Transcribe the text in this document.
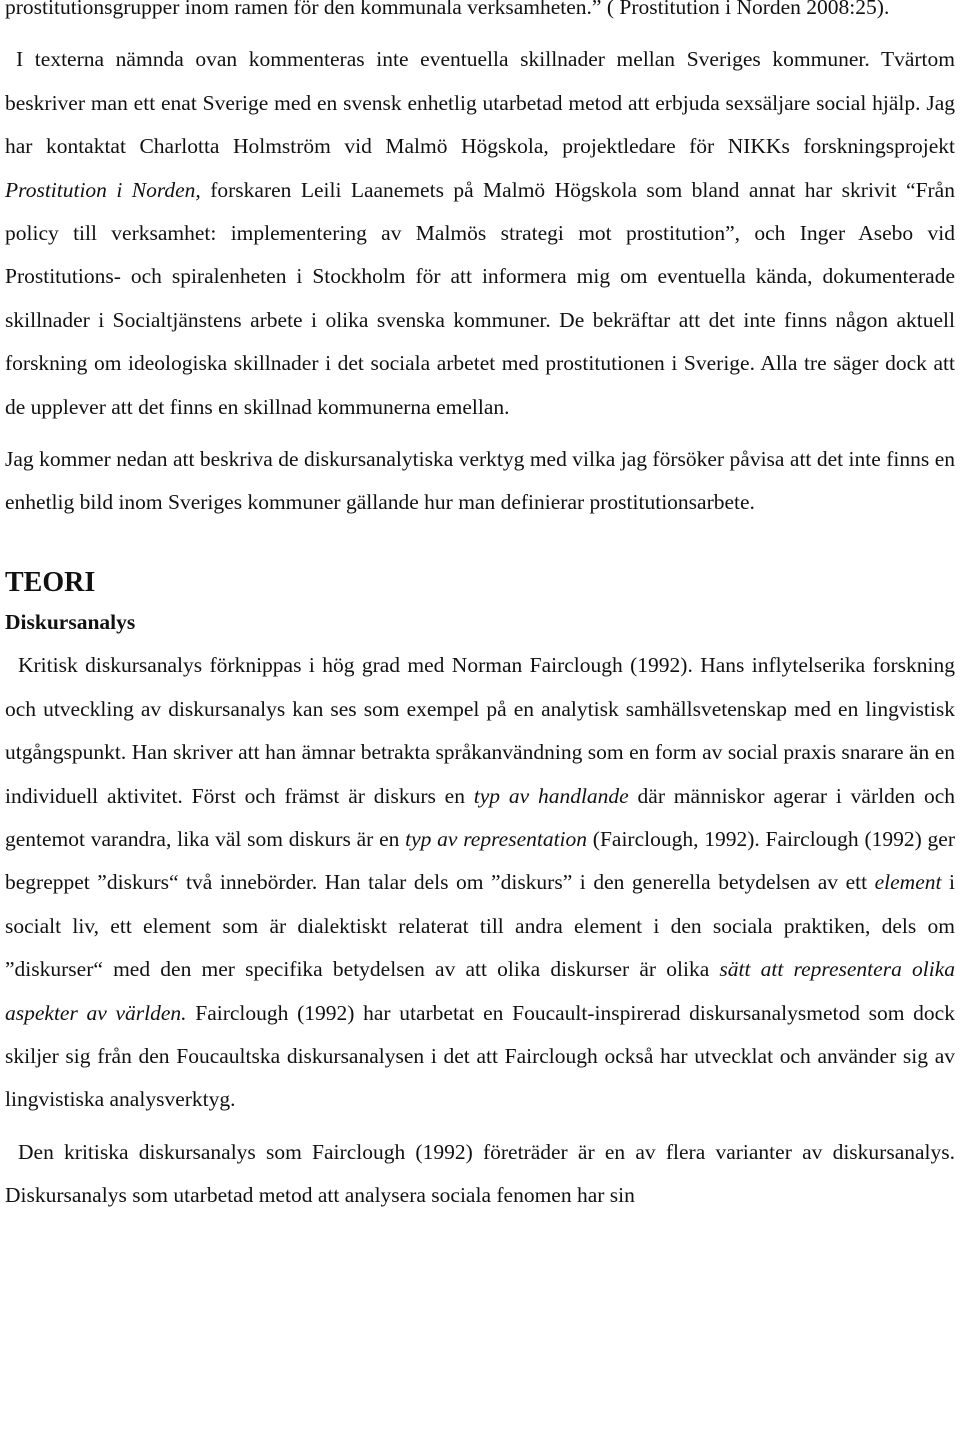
prostitutionsgrupper inom ramen för den kommunala verksamheten.” ( Prostitution i Norden 2008:25).

I texterna nämnda ovan kommenteras inte eventuella skillnader mellan Sveriges kommuner. Tvärtom beskriver man ett enat Sverige med en svensk enhetlig utarbetad metod att erbjuda sexsäljare social hjälp. Jag har kontaktat Charlotta Holmström vid Malmö Högskola, projektledare för NIKKs forskningsprojekt Prostitution i Norden, forskaren Leili Laanemets på Malmö Högskola som bland annat har skrivit “Från policy till verksamhet: implementering av Malmös strategi mot prostitution”, och Inger Asebo vid Prostitutions- och spiralenheten i Stockholm för att informera mig om eventuella kända, dokumenterade skillnader i Socialtjänstens arbete i olika svenska kommuner. De bekräftar att det inte finns någon aktuell forskning om ideologiska skillnader i det sociala arbetet med prostitutionen i Sverige. Alla tre säger dock att de upplever att det finns en skillnad kommunerna emellan.

Jag kommer nedan att beskriva de diskursanalytiska verktyg med vilka jag försöker påvisa att det inte finns en enhetlig bild inom Sveriges kommuner gällande hur man definierar prostitutionsarbete.

TEORI
Diskursanalys

Kritisk diskursanalys förknippas i hög grad med Norman Fairclough (1992). Hans inflytelserika forskning och utveckling av diskursanalys kan ses som exempel på en analytisk samhällsvetenskap med en lingvistisk utgångspunkt. Han skriver att han ämnar betrakta språkanvändning som en form av social praxis snarare än en individuell aktivitet. Först och främst är diskurs en typ av handlande där människor agerar i världen och gentemot varandra, lika väl som diskurs är en typ av representation (Fairclough, 1992). Fairclough (1992) ger begreppet ”diskurs“ två innebörder. Han talar dels om ”diskurs” i den generella betydelsen av ett element i socialt liv, ett element som är dialektiskt relaterat till andra element i den sociala praktiken, dels om ”diskurser“ med den mer specifika betydelsen av att olika diskurser är olika sätt att representera olika aspekter av världen. Fairclough (1992) har utarbetat en Foucault-inspirerad diskursanalysmetod som dock skiljer sig från den Foucaultska diskursanalysen i det att Fairclough också har utvecklat och använder sig av lingvistiska analysverktyg.

Den kritiska diskursanalys som Fairclough (1992) företräder är en av flera varianter av diskursanalys. Diskursanalys som utarbetad metod att analysera sociala fenomen har sin
